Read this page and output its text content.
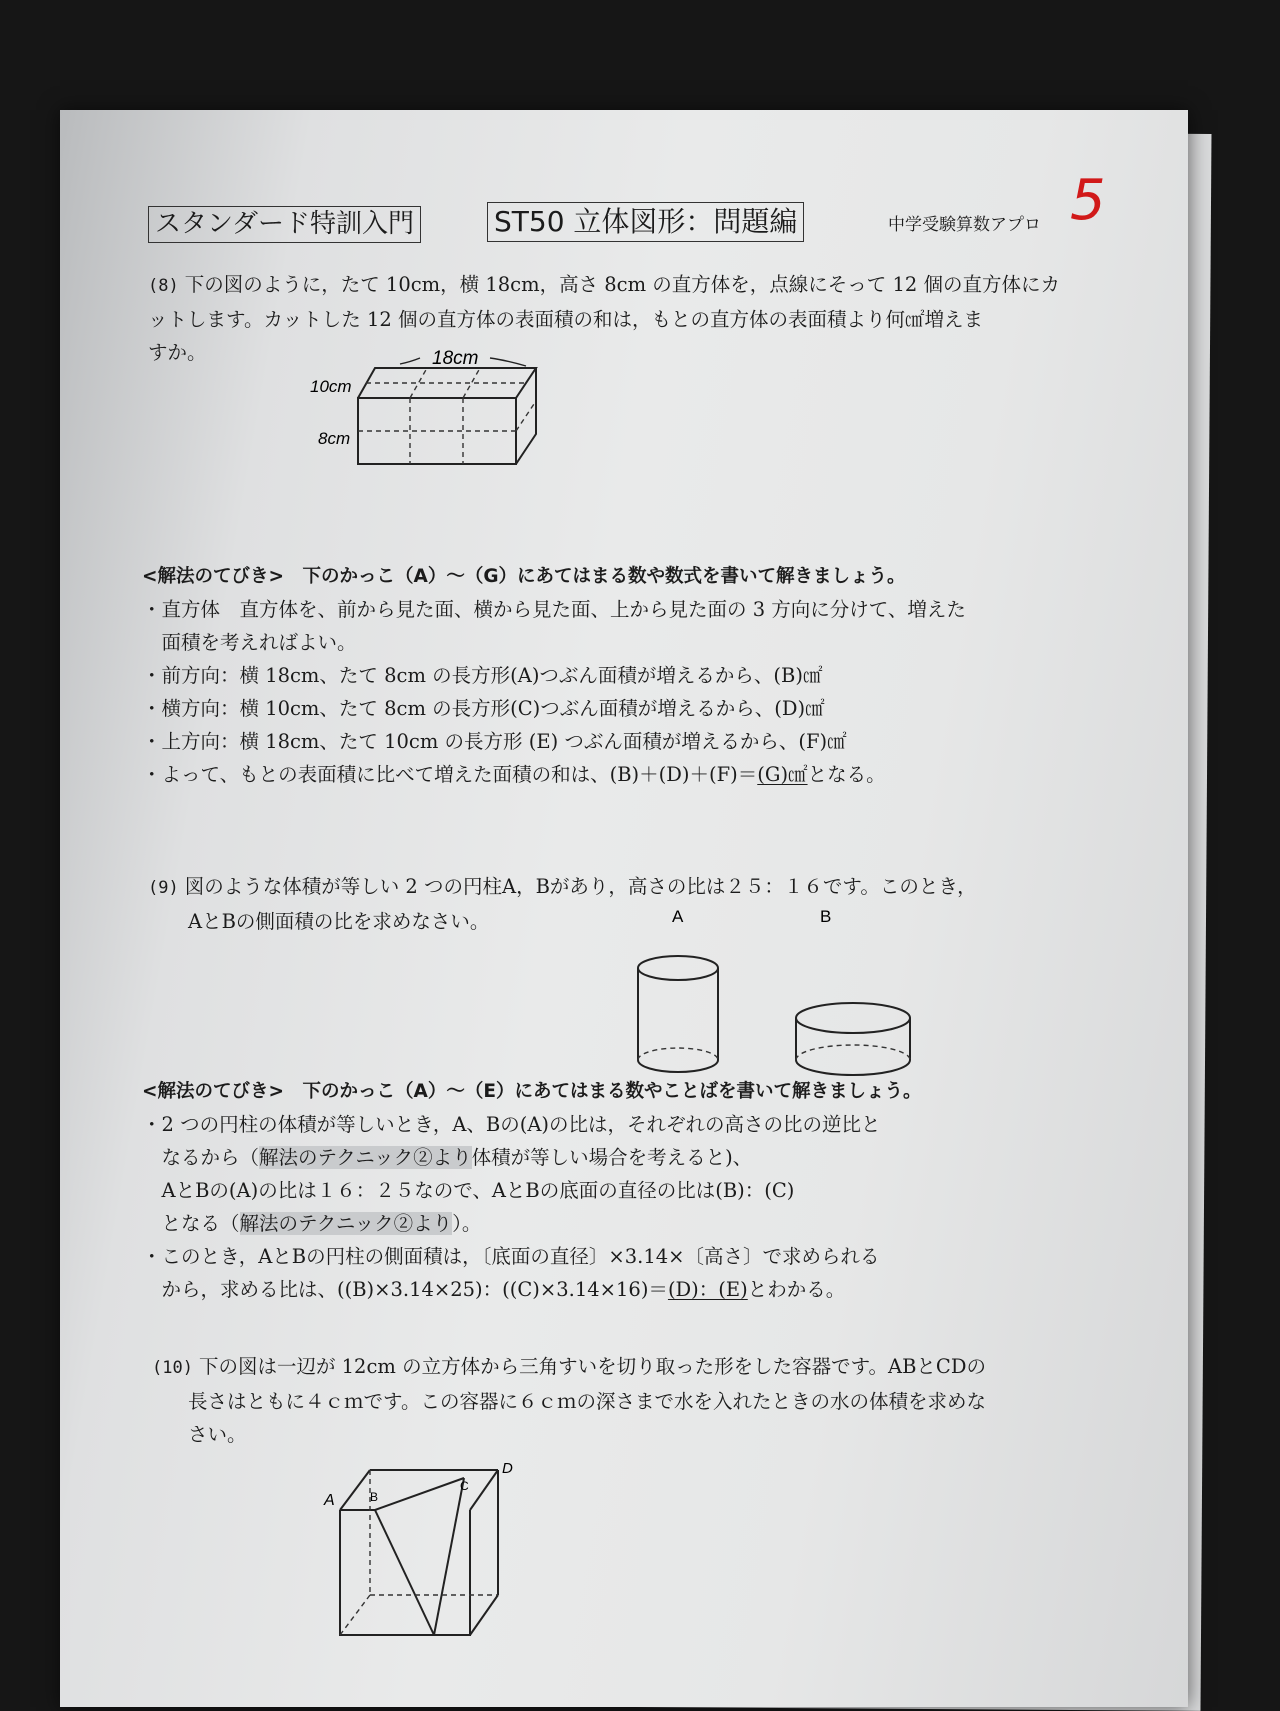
スタンダード特訓入門	ST50 立体図形：問題編	中学受験算数アプロ 5
(8) 下の図のように，たて 10cm，横 18cm，高さ 8cm の直方体を，点線にそって 12 個の直方体にカ
ットします。カットした 12 個の直方体の表面積の和は，もとの直方体の表面積より何㎠増えま
すか。	18cm
10cm
8cm
<解法のてびき>　下のかっこ（A）～（G）にあてはまる数や数式を書いて解きましょう。
・直方体　直方体を、前から見た面、横から見た面、上から見た面の 3 方向に分けて、増えた
　面積を考えればよい。
・前方向：横 18cm、たて 8cm の長方形(A)つぶん面積が増えるから、(B)㎠
・横方向：横 10cm、たて 8cm の長方形(C)つぶん面積が増えるから、(D)㎠
・上方向：横 18cm、たて 10cm の長方形 (E) つぶん面積が増えるから、(F)㎠
・よって、もとの表面積に比べて増えた面積の和は、(B)＋(D)＋(F)＝(G)㎠となる。
(9) 図のような体積が等しい 2 つの円柱A，Bがあり，高さの比は２５：１６です。このとき，
AとBの側面積の比を求めなさい。	A	B
<解法のてびき>　下のかっこ（A）～（E）にあてはまる数やことばを書いて解きましょう。
・2 つの円柱の体積が等しいとき，A、Bの(A)の比は，それぞれの高さの比の逆比と
　なるから（解法のテクニック②より体積が等しい場合を考えると)、
　AとBの(A)の比は１６：２５なので、AとBの底面の直径の比は(B)：(C)
　となる（解法のテクニック②より）。
・このとき，AとBの円柱の側面積は，〔底面の直径〕×3.14×〔高さ〕で求められる
　から，求める比は、((B)×3.14×25)：((C)×3.14×16)＝(D)：(E)とわかる。
(10) 下の図は一辺が 12cm の立方体から三角すいを切り取った形をした容器です。ABとCDの
長さはともに４ｃｍです。この容器に６ｃｍの深さまで水を入れたときの水の体積を求めな
さい。
A	B
C
D
